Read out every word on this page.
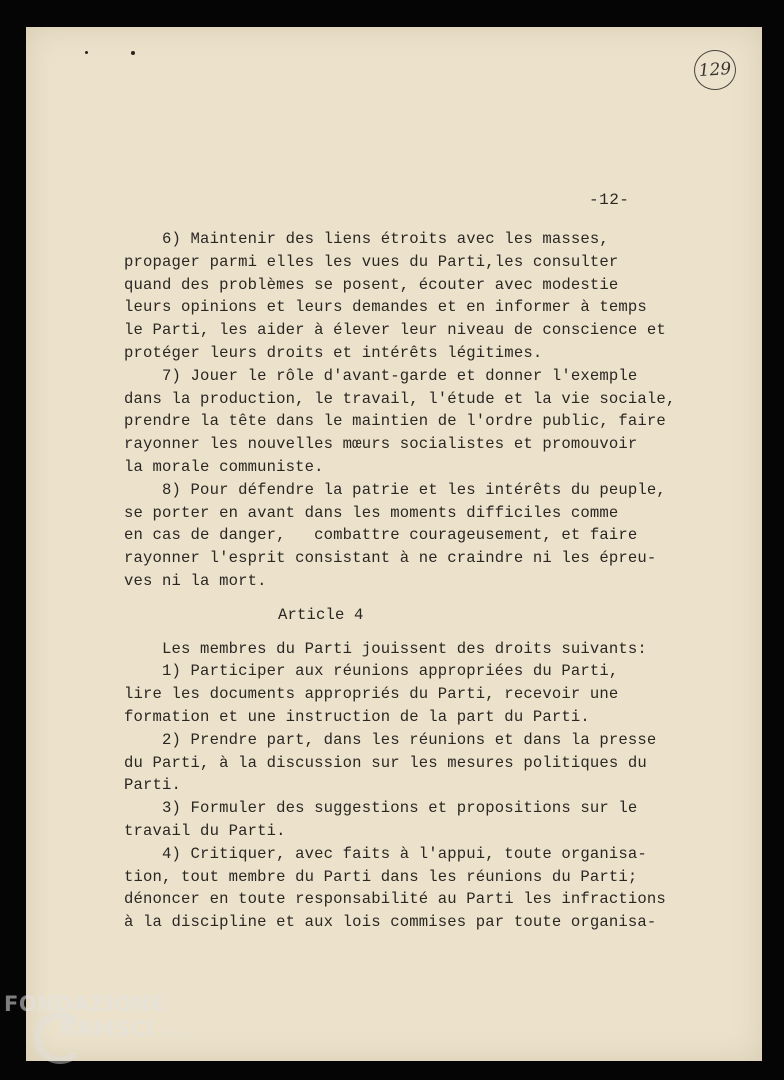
129
-12-

6) Maintenir des liens étroits avec les masses,

propager parmi elles les vues du Parti,les consulter

quand des problèmes se posent, écouter avec modestie

leurs opinions et leurs demandes et en informer à temps

le Parti, les aider à élever leur niveau de conscience et

protéger leurs droits et intérêts légitimes.

7) Jouer le rôle d'avant-garde et donner l'exemple

dans la production, le travail, l'étude et la vie sociale,

prendre la tête dans le maintien de l'ordre public, faire

rayonner les nouvelles mœurs socialistes et promouvoir

la morale communiste.

8) Pour défendre la patrie et les intérêts du peuple,

se porter en avant dans les moments difficiles comme

en cas de danger,   combattre courageusement, et faire

rayonner l'esprit consistant à ne craindre ni les épreu-

ves ni la mort.

Article 4

Les membres du Parti jouissent des droits suivants:

1) Participer aux réunions appropriées du Parti,

lire les documents appropriés du Parti, recevoir une

formation et une instruction de la part du Parti.

2) Prendre part, dans les réunions et dans la presse

du Parti, à la discussion sur les mesures politiques du

Parti.

3) Formuler des suggestions et propositions sur le

travail du Parti.

4) Critiquer, avec faits à l'appui, toute organisa-

tion, tout membre du Parti dans les réunions du Parti;

dénoncer en toute responsabilité au Parti les infractions

à la discipline et aux lois commises par toute organisa-

FONDAZIONE
RAMSCI onlus
